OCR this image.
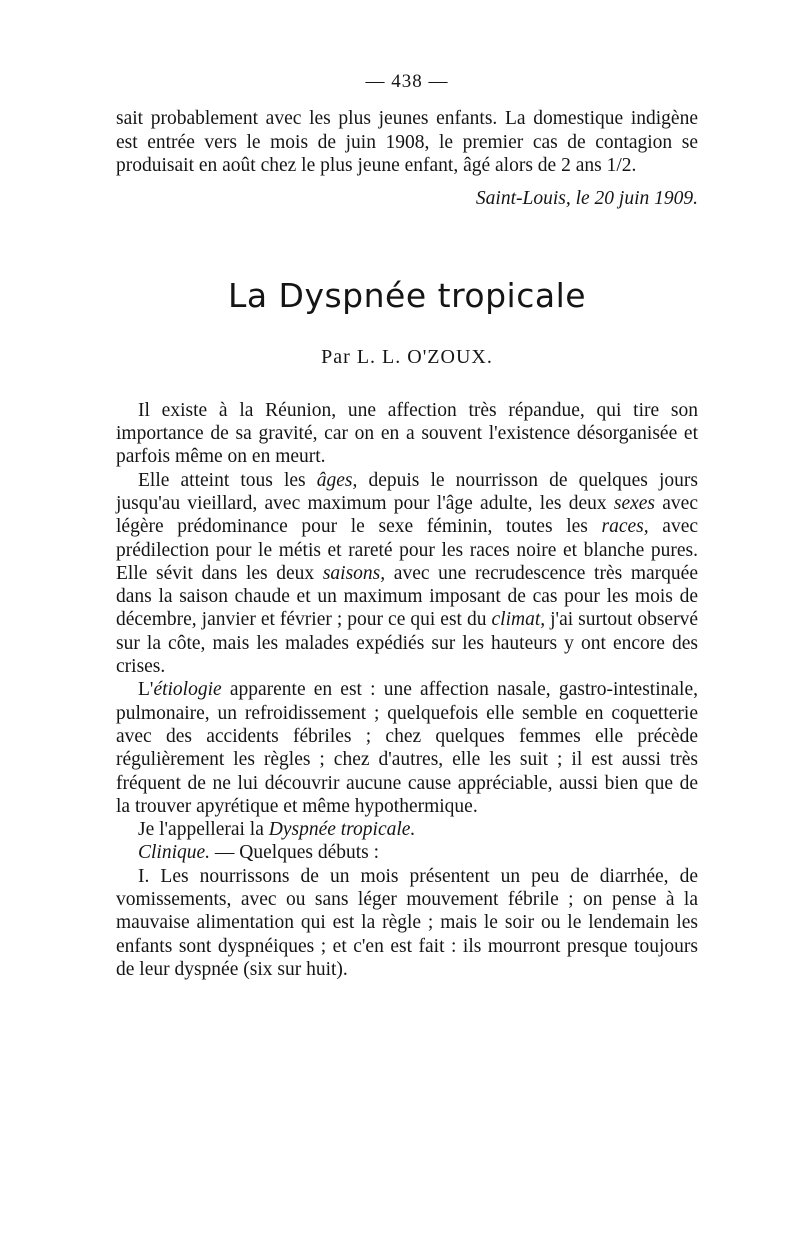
— 438 —

sait probablement avec les plus jeunes enfants. La domestique indigène est entrée vers le mois de juin 1908, le premier cas de contagion se produisait en août chez le plus jeune enfant, âgé alors de 2 ans 1/2.

Saint-Louis, le 20 juin 1909.

La Dyspnée tropicale
Par L. L. O'ZOUX.

Il existe à la Réunion, une affection très répandue, qui tire son importance de sa gravité, car on en a souvent l'existence désorganisée et parfois même on en meurt.

Elle atteint tous les âges, depuis le nourrisson de quelques jours jusqu'au vieillard, avec maximum pour l'âge adulte, les deux sexes avec légère prédominance pour le sexe féminin, toutes les races, avec prédilection pour le métis et rareté pour les races noire et blanche pures. Elle sévit dans les deux saisons, avec une recrudescence très marquée dans la saison chaude et un maximum imposant de cas pour les mois de décembre, janvier et février ; pour ce qui est du climat, j'ai surtout observé sur la côte, mais les malades expédiés sur les hauteurs y ont encore des crises.

L'étiologie apparente en est : une affection nasale, gastro-intestinale, pulmonaire, un refroidissement ; quelquefois elle semble en coquetterie avec des accidents fébriles ; chez quelques femmes elle précède régulièrement les règles ; chez d'autres, elle les suit ; il est aussi très fréquent de ne lui découvrir aucune cause appréciable, aussi bien que de la trouver apyrétique et même hypothermique.

Je l'appellerai la Dyspnée tropicale.

Clinique. — Quelques débuts :

I. Les nourrissons de un mois présentent un peu de diarrhée, de vomissements, avec ou sans léger mouvement fébrile ; on pense à la mauvaise alimentation qui est la règle ; mais le soir ou le lendemain les enfants sont dyspnéiques ; et c'en est fait : ils mourront presque toujours de leur dyspnée (six sur huit).
